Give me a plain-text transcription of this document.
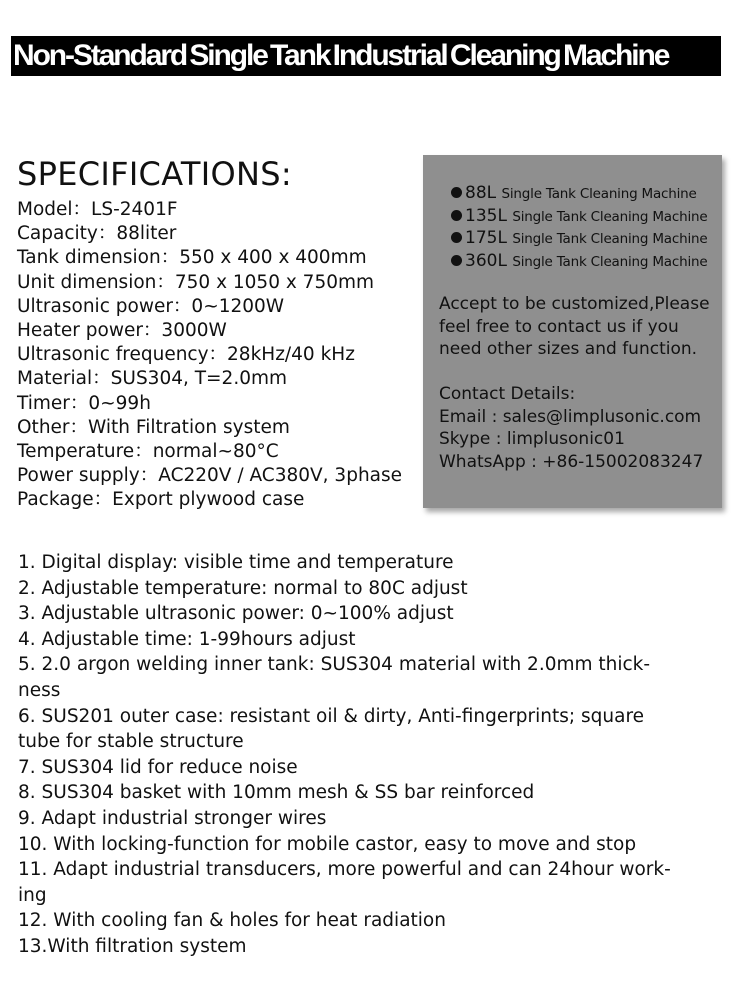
Non-Standard Single Tank Industrial Cleaning Machine
SPECIFICATIONS:
Model：LS-2401F
Capacity：88liter
Tank dimension：550 x 400 x 400mm
Unit dimension：750 x 1050 x 750mm
Ultrasonic power：0~1200W
Heater power：3000W
Ultrasonic frequency：28kHz/40 kHz
Material：SUS304, T=2.0mm
Timer：0~99h
Other：With Filtration system
Temperature：normal~80°C
Power supply：AC220V / AC380V, 3phase
Package：Export plywood case
88L Single Tank Cleaning Machine
135L Single Tank Cleaning Machine
175L Single Tank Cleaning Machine
360L Single Tank Cleaning Machine
Accept to be customized,Please
feel free to contact us if you
need other sizes and function.
Contact Details:
Email : sales@limplusonic.com
Skype : limplusonic01
WhatsApp : +86-15002083247
1. Digital display: visible time and temperature
2. Adjustable temperature: normal to 80C adjust
3. Adjustable ultrasonic power: 0~100% adjust
4. Adjustable time: 1-99hours adjust
5. 2.0 argon welding inner tank: SUS304 material with 2.0mm thick-
ness
6. SUS201 outer case: resistant oil & dirty, Anti-fingerprints; square
tube for stable structure
7. SUS304 lid for reduce noise
8. SUS304 basket with 10mm mesh & SS bar reinforced
9. Adapt industrial stronger wires
10. With locking-function for mobile castor, easy to move and stop
11. Adapt industrial transducers, more powerful and can 24hour work-
ing
12. With cooling fan & holes for heat radiation
13.With filtration system
